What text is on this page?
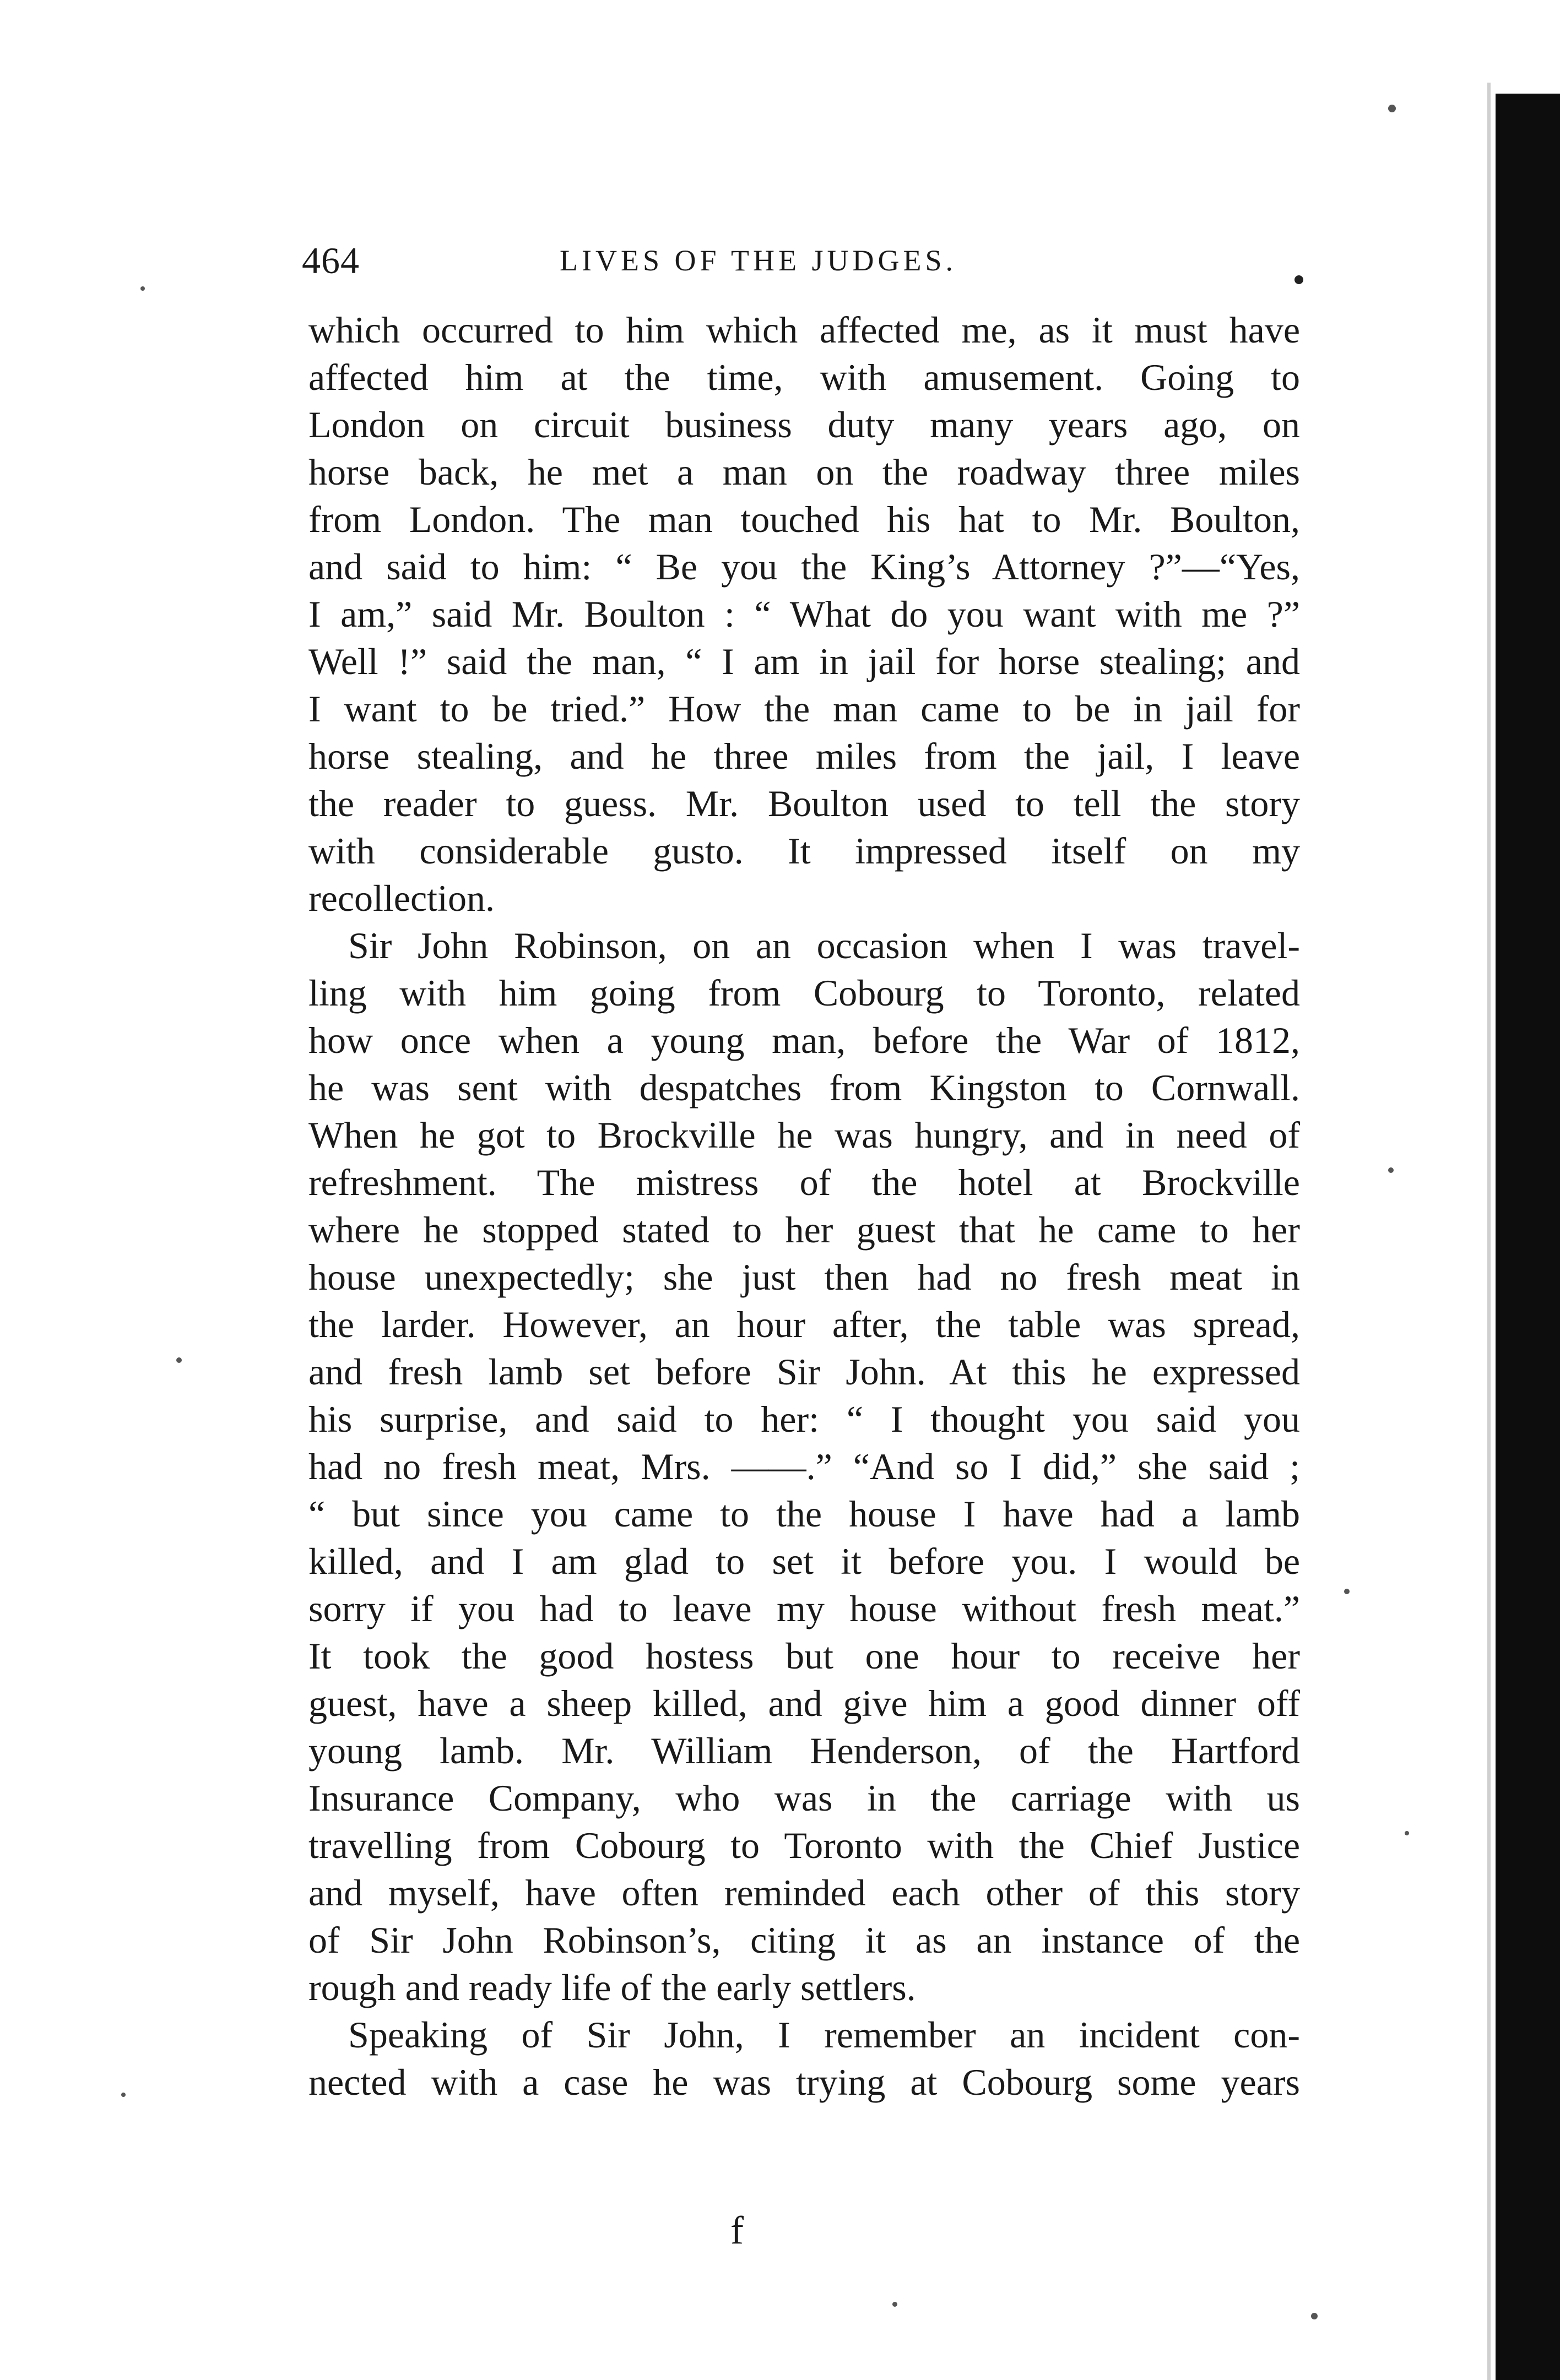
464	LIVES OF THE JUDGES.
which occurred to him which affected me, as it must have
affected him at the time, with amusement. Going to
London on circuit business duty many years ago, on
horse back, he met a man on the roadway three miles
from London. The man touched his hat to Mr. Boulton,
and said to him: “ Be you the King’s Attorney ?”—“Yes,
I am,” said Mr. Boulton : “ What do you want with me ?”
Well !” said the man, “ I am in jail for horse stealing; and
I want to be tried.” How the man came to be in jail for
horse stealing, and he three miles from the jail, I leave
the reader to guess. Mr. Boulton used to tell the story
with considerable gusto. It impressed itself on my
recollection.
Sir John Robinson, on an occasion when I was travel-
ling with him going from Cobourg to Toronto, related
how once when a young man, before the War of 1812,
he was sent with despatches from Kingston to Cornwall.
When he got to Brockville he was hungry, and in need of
refreshment. The mistress of the hotel at Brockville
where he stopped stated to her guest that he came to her
house unexpectedly; she just then had no fresh meat in
the larder. However, an hour after, the table was spread,
and fresh lamb set before Sir John. At this he expressed
his surprise, and said to her: “ I thought you said you
had no fresh meat, Mrs. ——.” “And so I did,” she said ;
“ but since you came to the house I have had a lamb
killed, and I am glad to set it before you. I would be
sorry if you had to leave my house without fresh meat.”
It took the good hostess but one hour to receive her
guest, have a sheep killed, and give him a good dinner off
young lamb. Mr. William Henderson, of the Hartford
Insurance Company, who was in the carriage with us
travelling from Cobourg to Toronto with the Chief Justice
and myself, have often reminded each other of this story
of Sir John Robinson’s, citing it as an instance of the
rough and ready life of the early settlers.
Speaking of Sir John, I remember an incident con-
nected with a case he was trying at Cobourg some years
f
